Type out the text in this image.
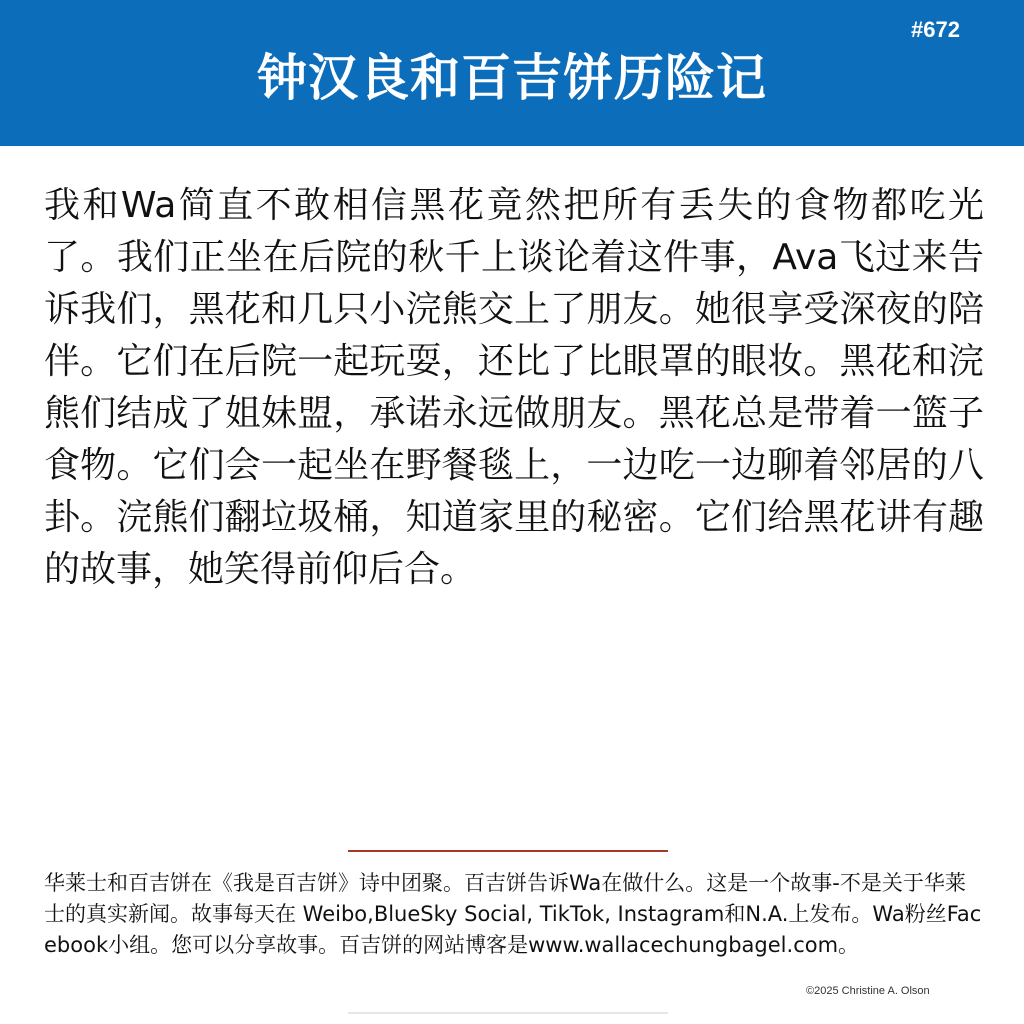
钟汉良和百吉饼历险记
#672
我和Wa简直不敢相信黑花竟然把所有丢失的食物都吃光了。我们正坐在后院的秋千上谈论着这件事，Ava飞过来告诉我们，黑花和几只小浣熊交上了朋友。她很享受深夜的陪伴。它们在后院一起玩耍，还比了比眼罩的眼妆。黑花和浣熊们结成了姐妹盟，承诺永远做朋友。黑花总是带着一篮子食物。它们会一起坐在野餐毯上，一边吃一边聊着邻居的八卦。浣熊们翻垃圾桶，知道家里的秘密。它们给黑花讲有趣的故事，她笑得前仰后合。
华莱士和百吉饼在《我是百吉饼》诗中团聚。百吉饼告诉Wa在做什么。这是一个故事-不是关于华莱士的真实新闻。故事每天在 Weibo,BlueSky Social, TikTok, Instagram和N.A.上发布。Wa粉丝Facebook小组。您可以分享故事。百吉饼的网站博客是www.wallacechungbagel.com。
©2025 Christine A. Olson
